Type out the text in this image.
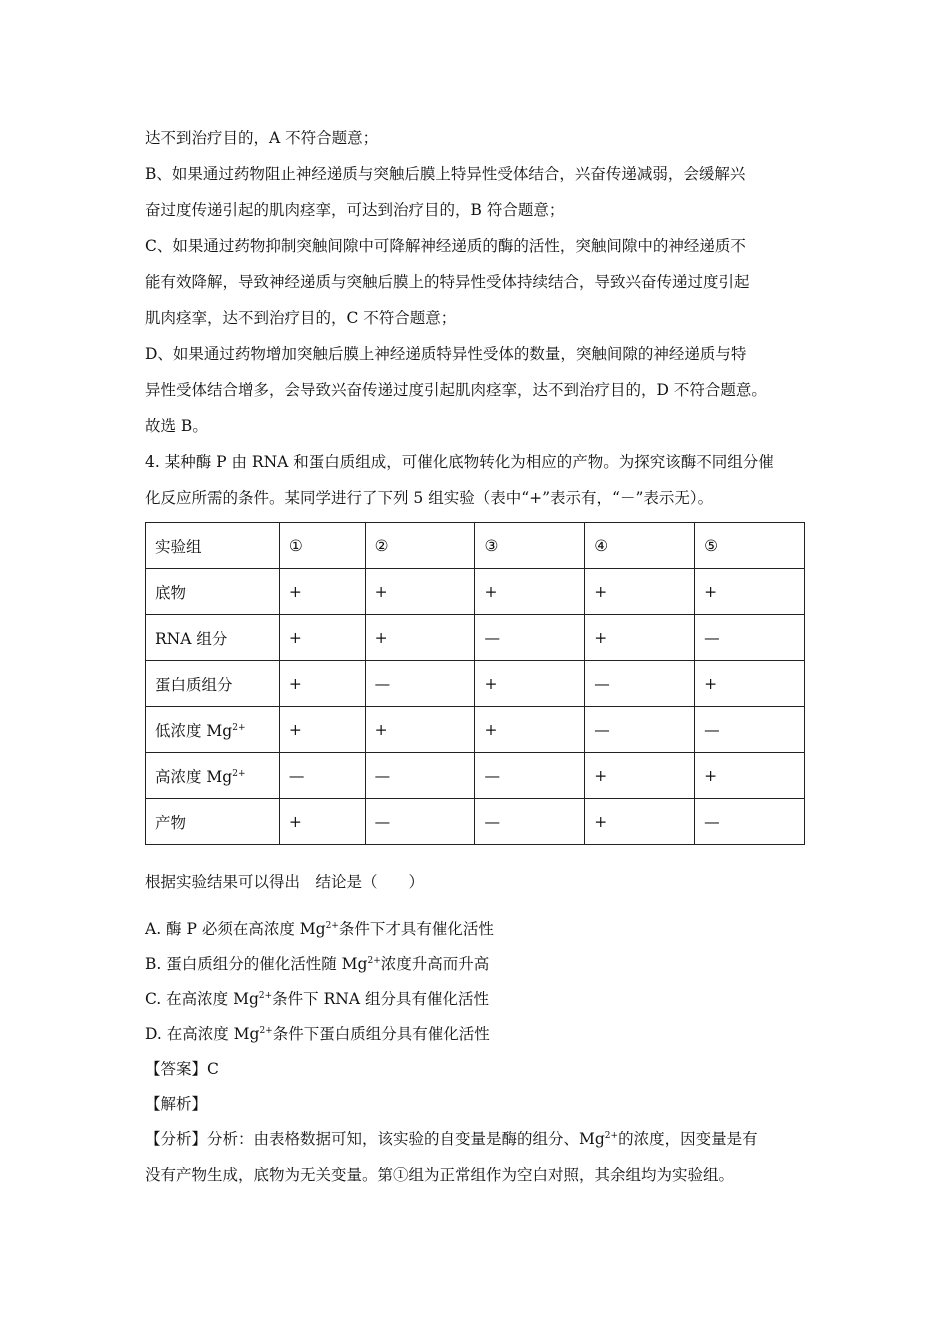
达不到治疗目的，A 不符合题意；
B、如果通过药物阻止神经递质与突触后膜上特异性受体结合，兴奋传递减弱，会缓解兴
奋过度传递引起的肌肉痉挛，可达到治疗目的，B 符合题意；
C、如果通过药物抑制突触间隙中可降解神经递质的酶的活性，突触间隙中的神经递质不
能有效降解，导致神经递质与突触后膜上的特异性受体持续结合，导致兴奋传递过度引起
肌肉痉挛，达不到治疗目的，C 不符合题意；
D、如果通过药物增加突触后膜上神经递质特异性受体的数量，突触间隙的神经递质与特
异性受体结合增多，会导致兴奋传递过度引起肌肉痉挛，达不到治疗目的，D 不符合题意。
故选 B。
4. 某种酶 P 由 RNA 和蛋白质组成，可催化底物转化为相应的产物。为探究该酶不同组分催
化反应所需的条件。某同学进行了下列 5 组实验（表中“+”表示有，“－”表示无）。
实验组	①	②	③	④	⑤
底物	+	+	+	+	+
RNA 组分	+	+	—	+	—
蛋白质组分	+	—	+	—	+
低浓度 $Mg^{2+}$	+	+	+	—	—
高浓度 $Mg^{2+}$	—	—	—	+	+
产物	+	—	—	+	—
根据实验结果可以得出　结论是（　　）
A. 酶 P 必须在高浓度 $Mg^{2+}$条件下才具有催化活性
B. 蛋白质组分的催化活性随 $Mg^{2+}$浓度升高而升高
C. 在高浓度 $Mg^{2+}$条件下 RNA 组分具有催化活性
D. 在高浓度 $Mg^{2+}$条件下蛋白质组分具有催化活性
【答案】C
【解析】
【分析】分析：由表格数据可知，该实验的自变量是酶的组分、$Mg^{2+}$的浓度，因变量是有
没有产物生成，底物为无关变量。第①组为正常组作为空白对照，其余组均为实验组。
